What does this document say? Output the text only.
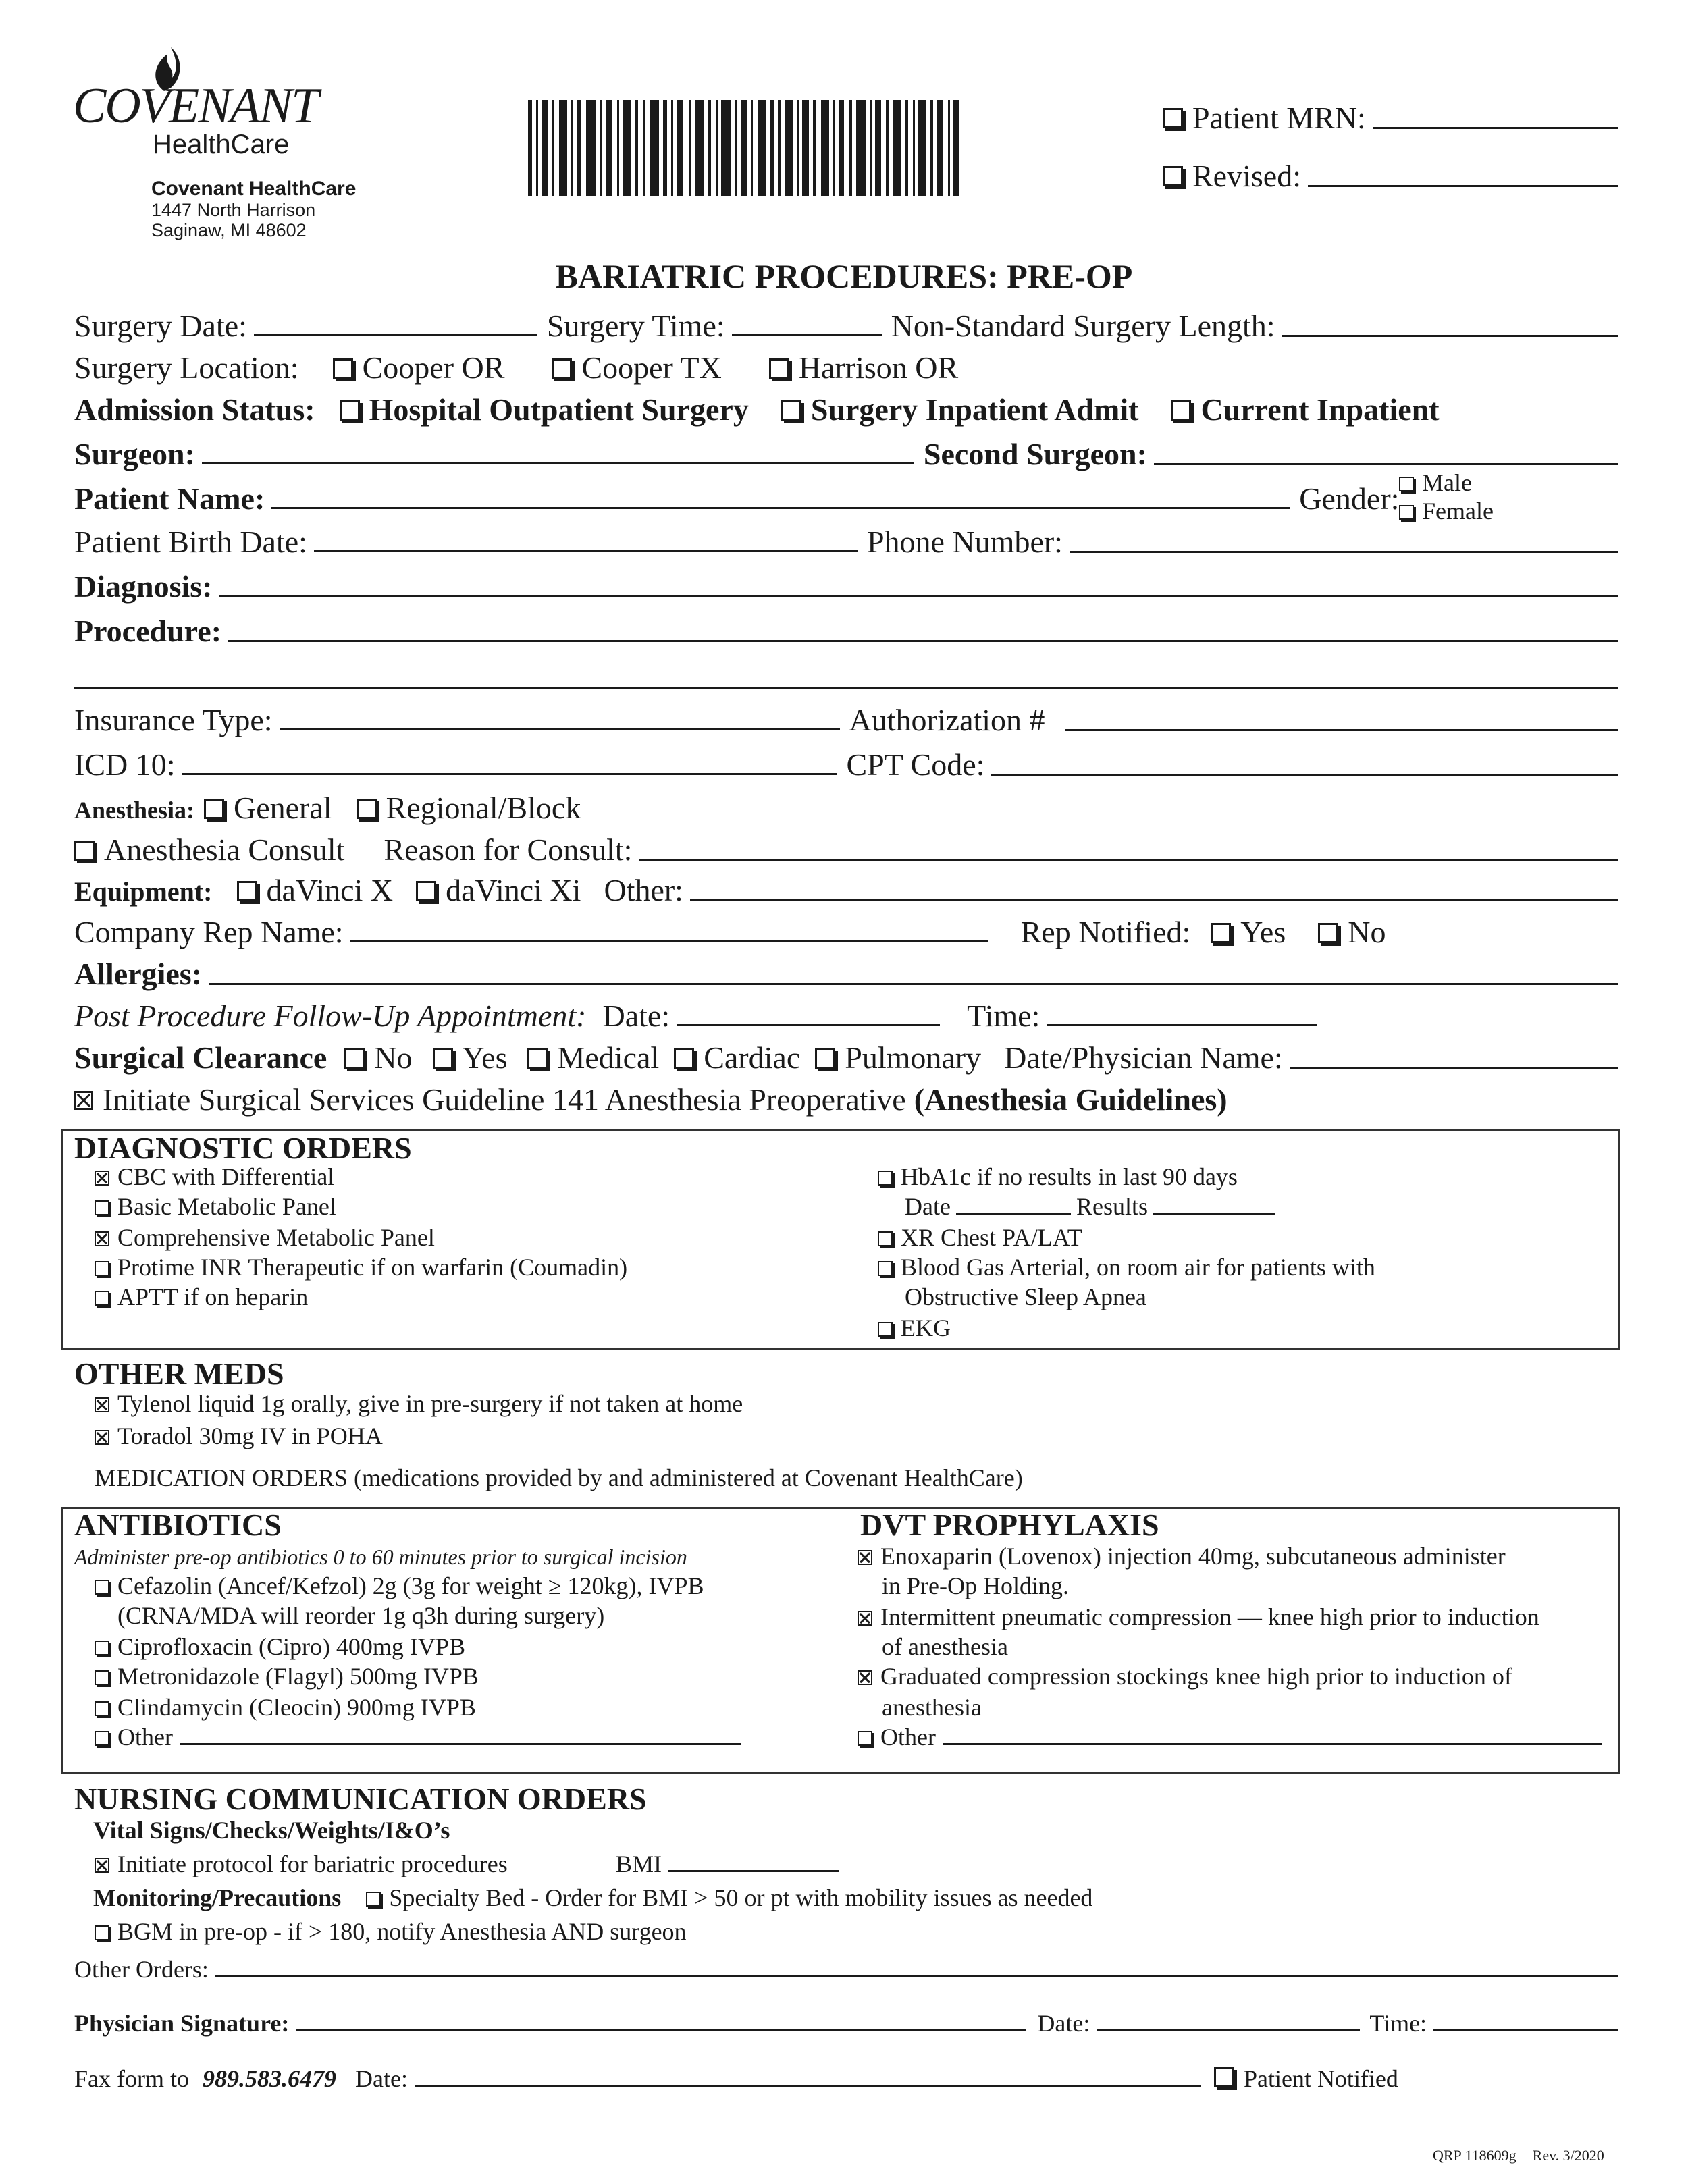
COVENANT
HealthCare
Covenant HealthCare
1447 North Harrison
Saginaw, MI 48602
Patient MRN:
Revised:
BARIATRIC PROCEDURES: PRE-OP
Surgery Date:	Surgery Time:	Non-Standard Surgery Length:
Surgery Location:	Cooper OR	Cooper TX	Harrison OR
Admission Status:	Hospital Outpatient Surgery	Surgery Inpatient Admit	Current Inpatient
Surgeon:	Second Surgeon:
Patient Name:	Gender: Male
Female
Patient Birth Date:	Phone Number:
Diagnosis:
Procedure:
Insurance Type:	Authorization #
ICD 10:	CPT Code:
Anesthesia:	General	Regional/Block
Anesthesia Consult Reason for Consult:
Equipment:	daVinci X	daVinci Xi Other:
Company Rep Name:	Rep Notified:	Yes	No
Allergies:
Post Procedure Follow-Up Appointment: Date:	Time:
Surgical Clearance	No	Yes	Medical	Cardiac	Pulmonary Date/Physician Name:
Initiate Surgical Services Guideline 141 Anesthesia Preoperative (Anesthesia Guidelines)
DIAGNOSTIC ORDERS
CBC with Differential
Basic Metabolic Panel
Comprehensive Metabolic Panel
Protime INR Therapeutic if on warfarin (Coumadin)
APTT if on heparin
HbA1c if no results in last 90 days
Date	Results
XR Chest PA/LAT
Blood Gas Arterial, on room air for patients with
Obstructive Sleep Apnea
EKG
OTHER MEDS
Tylenol liquid 1g orally, give in pre-surgery if not taken at home
Toradol 30mg IV in POHA
MEDICATION ORDERS (medications provided by and administered at Covenant HealthCare)
ANTIBIOTICS
Administer pre-op antibiotics 0 to 60 minutes prior to surgical incision
Cefazolin (Ancef/Kefzol) 2g (3g for weight ≥ 120kg), IVPB
(CRNA/MDA will reorder 1g q3h during surgery)
Ciprofloxacin (Cipro) 400mg IVPB
Metronidazole (Flagyl) 500mg IVPB
Clindamycin (Cleocin) 900mg IVPB
Other
DVT PROPHYLAXIS
Enoxaparin (Lovenox) injection 40mg, subcutaneous administer
in Pre-Op Holding.
Intermittent pneumatic compression — knee high prior to induction
of anesthesia
Graduated compression stockings knee high prior to induction of
anesthesia
Other
NURSING COMMUNICATION ORDERS
Vital Signs/Checks/Weights/I&O’s
Initiate protocol for bariatric procedures	BMI
Monitoring/Precautions Specialty Bed - Order for BMI > 50 or pt with mobility issues as needed
BGM in pre-op - if > 180, notify Anesthesia AND surgeon
Other Orders:
Physician Signature:	Date:	Time:
Fax form to 989.583.6479 Date:	Patient Notified
QRP 118609g Rev. 3/2020
